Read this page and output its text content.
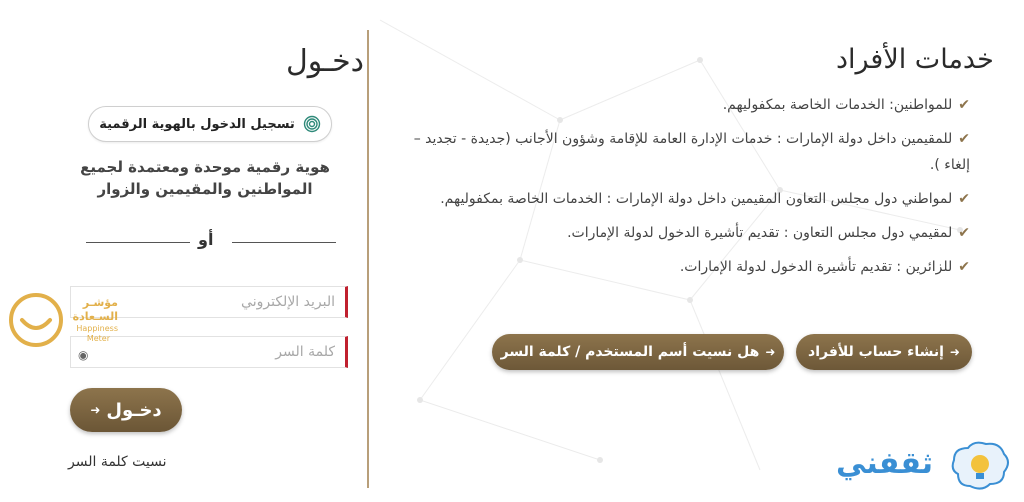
دخـول
تسجيل الدخول بالهوية الرقمية
هوية رقمية موحدة ومعتمدة لجميع
المواطنين والمقيمين والزوار
أو
البريد الإلكتروني
◉
مؤشـر
السـعادة
Happiness
Meter
➜ دخـول
نسيت كلمة السر
خدمات الأفراد
✔للمواطنين: الخدمات الخاصة بمكفوليهم.
✔للمقيمين داخل دولة الإمارات : خدمات الإدارة العامة للإقامة وشؤون الأجانب (جديدة - تجديد – إلغاء ).
✔لمواطني دول مجلس التعاون المقيمين داخل دولة الإمارات : الخدمات الخاصة بمكفوليهم.
✔لمقيمي دول مجلس التعاون : تقديم تأشيرة الدخول لدولة الإمارات.
✔للزائرين : تقديم تأشيرة الدخول لدولة الإمارات.
➜
إنشاء حساب للأفراد
➜
هل نسيت أسم المستخدم / كلمة السر
ثقفني
